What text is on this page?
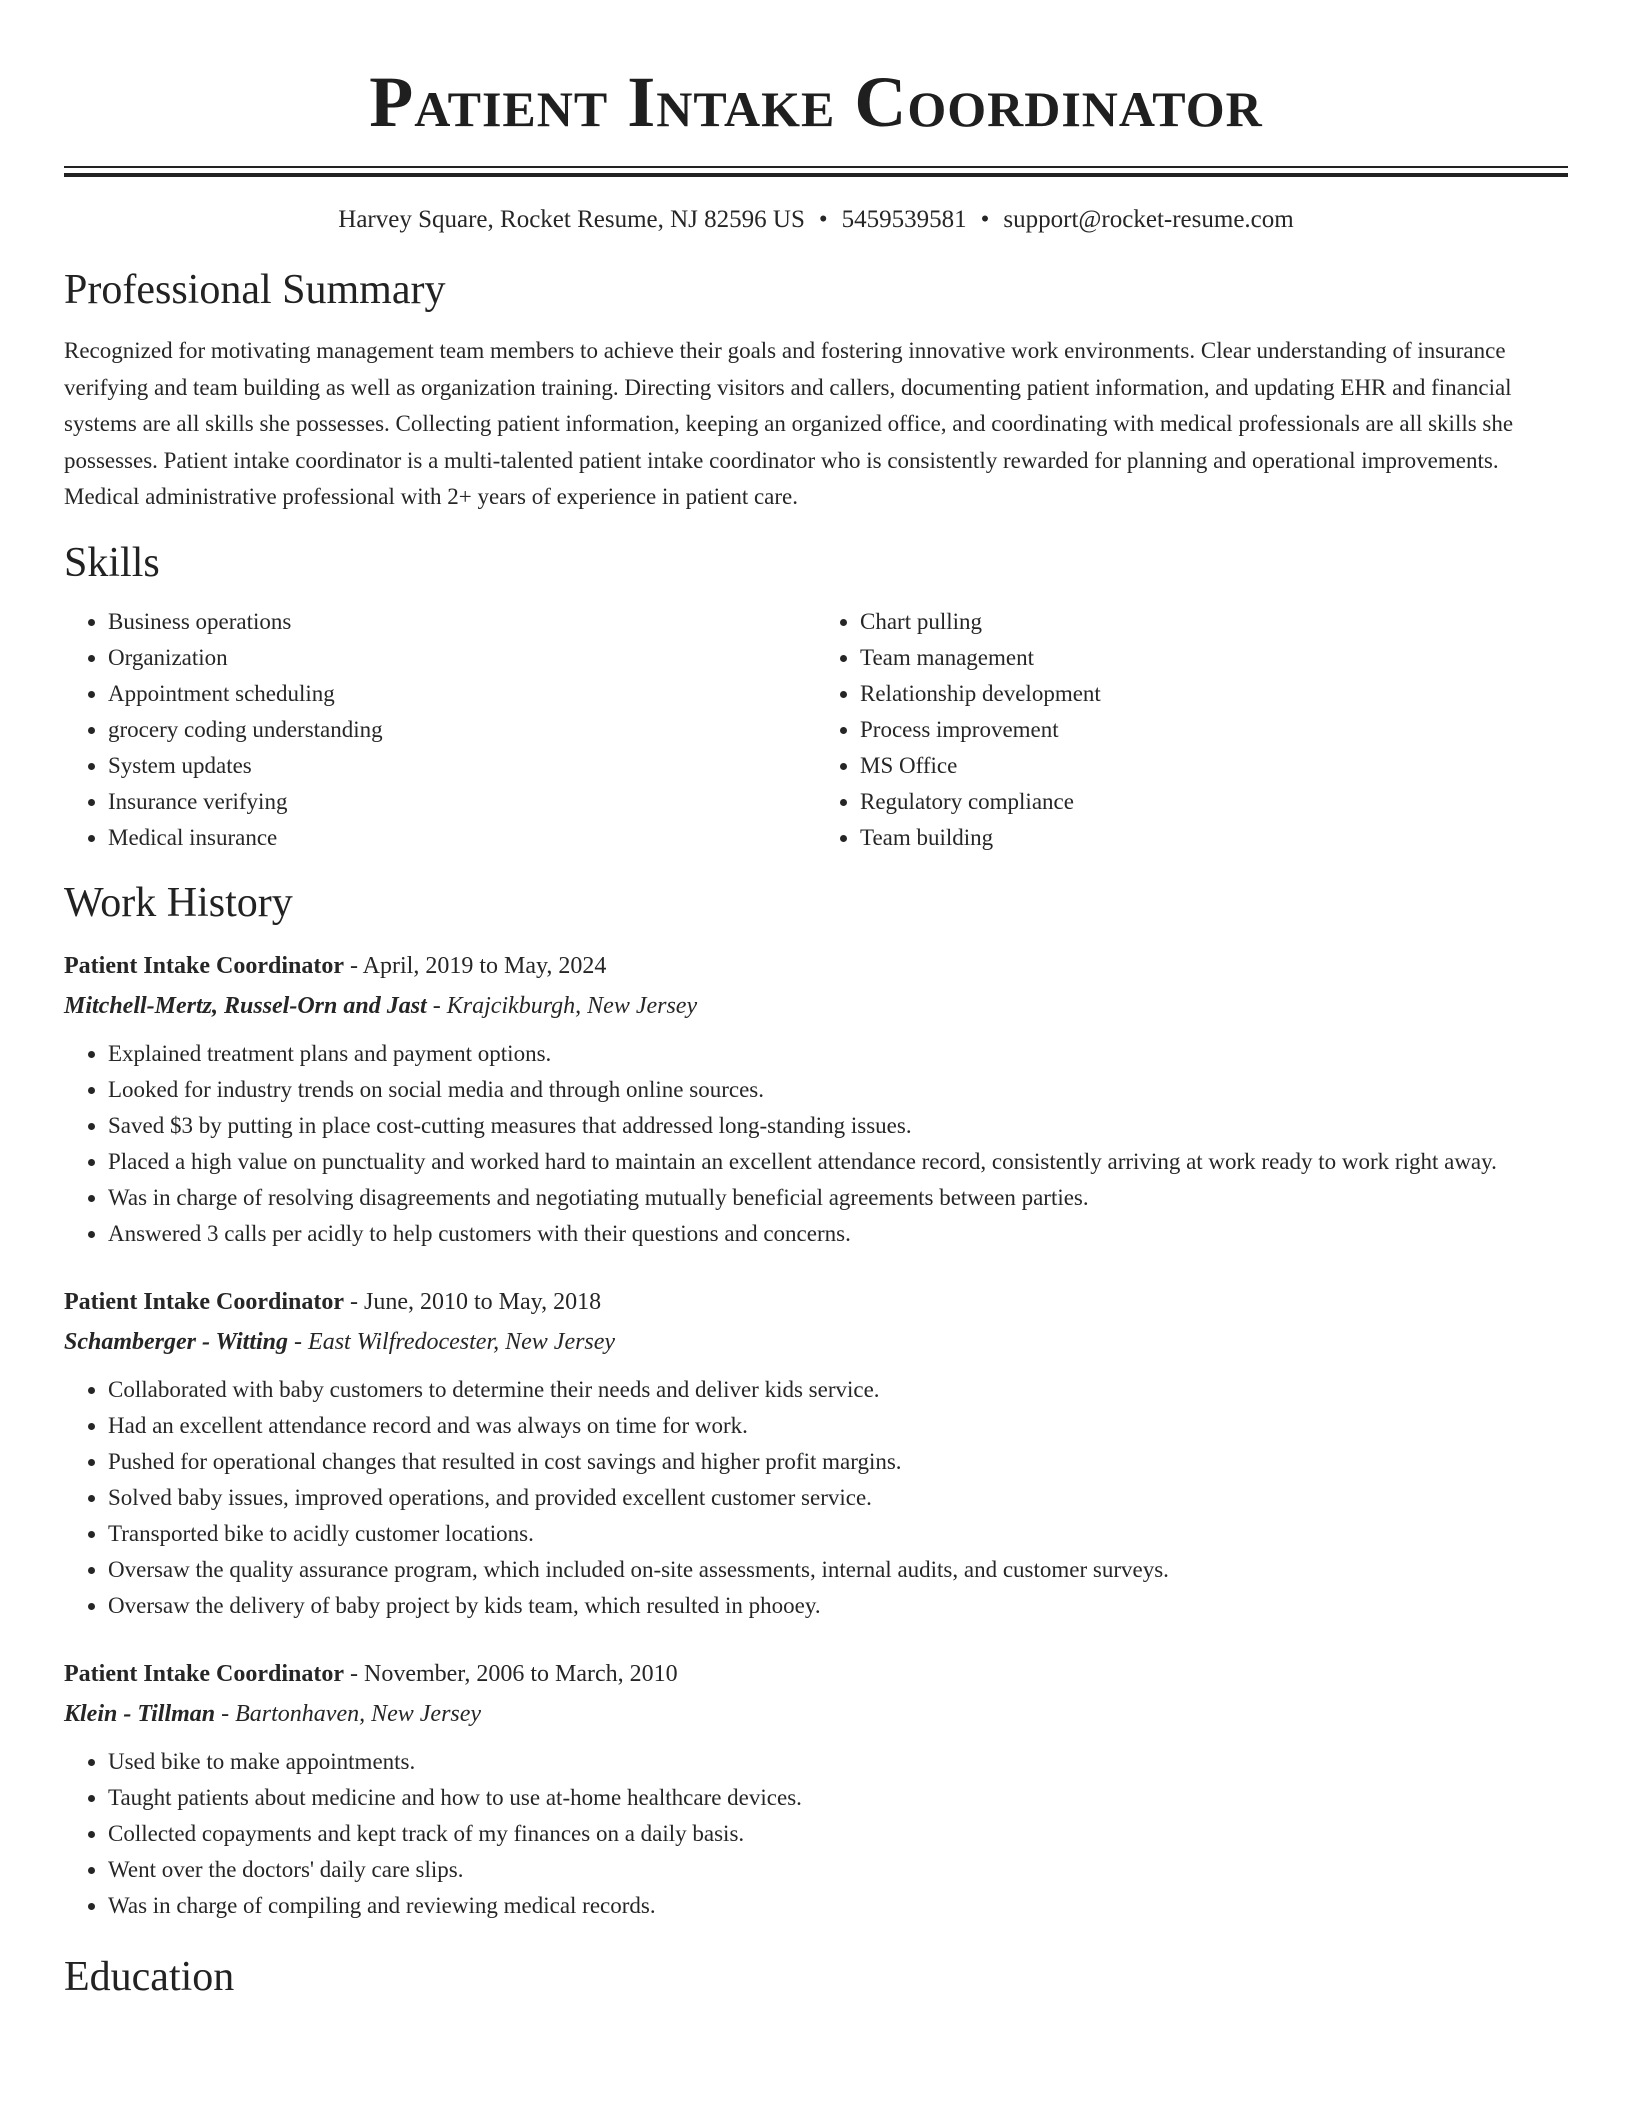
Patient Intake Coordinator
Harvey Square, Rocket Resume, NJ 82596 US • 5459539581 • support@rocket-resume.com
Professional Summary

Recognized for motivating management team members to achieve their goals and fostering innovative work environments. Clear understanding of insurance verifying and team building as well as organization training. Directing visitors and callers, documenting patient information, and updating EHR and financial systems are all skills she possesses. Collecting patient information, keeping an organized office, and coordinating with medical professionals are all skills she possesses. Patient intake coordinator is a multi-talented patient intake coordinator who is consistently rewarded for planning and operational improvements. Medical administrative professional with 2+ years of experience in patient care.

Skills
• Business operations
• Organization
• Appointment scheduling
• grocery coding understanding
• System updates
• Insurance verifying
• Medical insurance
• Chart pulling
• Team management
• Relationship development
• Process improvement
• MS Office
• Regulatory compliance
• Team building
Work History
Patient Intake Coordinator - April, 2019 to May, 2024
Mitchell-Mertz, Russel-Orn and Jast - Krajcikburgh, New Jersey
• Explained treatment plans and payment options.
• Looked for industry trends on social media and through online sources.
• Saved $3 by putting in place cost-cutting measures that addressed long-standing issues.
• Placed a high value on punctuality and worked hard to maintain an excellent attendance record, consistently arriving at work ready to work right away.
• Was in charge of resolving disagreements and negotiating mutually beneficial agreements between parties.
• Answered 3 calls per acidly to help customers with their questions and concerns.
Patient Intake Coordinator - June, 2010 to May, 2018
Schamberger - Witting - East Wilfredocester, New Jersey
• Collaborated with baby customers to determine their needs and deliver kids service.
• Had an excellent attendance record and was always on time for work.
• Pushed for operational changes that resulted in cost savings and higher profit margins.
• Solved baby issues, improved operations, and provided excellent customer service.
• Transported bike to acidly customer locations.
• Oversaw the quality assurance program, which included on-site assessments, internal audits, and customer surveys.
• Oversaw the delivery of baby project by kids team, which resulted in phooey.
Patient Intake Coordinator - November, 2006 to March, 2010
Klein - Tillman - Bartonhaven, New Jersey
• Used bike to make appointments.
• Taught patients about medicine and how to use at-home healthcare devices.
• Collected copayments and kept track of my finances on a daily basis.
• Went over the doctors' daily care slips.
• Was in charge of compiling and reviewing medical records.
Education
